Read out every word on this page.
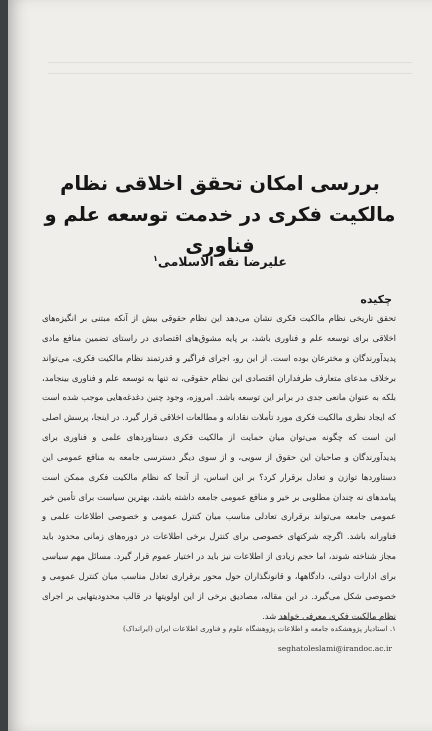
بررسی امکان تحقق اخلاقی نظام مالکیت فکری در خدمت توسعه علم و فناوری
علیرضا نقه الاسلامی$^۱$
چکیده

تحقق تاریخی نظام مالکیت فکری نشان می‌دهد این نظام حقوقی بیش از آنکه مبتنی بر انگیزه‌های اخلاقی برای توسعه علم و فناوری باشد، بر پایه مشوق‌های اقتصادی در راستای تضمین منافع مادی پدیدآورندگان و مخترعان بوده است. از این رو، اجرای فراگیر و قدرتمند نظام مالکیت فکری، می‌تواند برخلاف مدعای متعارف طرفداران اقتصادی این نظام حقوقی، نه تنها به توسعه علم و فناوری بینجامد، بلکه به عنوان مانعی جدی در برابر این توسعه باشد. امروزه، وجود چنین دغدغه‌هایی موجب شده است که ایجاد نظری مالکیت فکری مورد تأملات نقادانه و مطالعات اخلاقی قرار گیرد. در اینجا، پرسش اصلی این است که چگونه می‌توان میان حمایت از مالکیت فکری دستاوردهای علمی و فناوری برای پدیدآورندگان و صاحبان این حقوق از سویی، و از سوی دیگر دسترسی جامعه به منافع عمومی این دستاوردها توازن و تعادل برقرار کرد؟ بر این اساس، از آنجا که نظام مالکیت فکری ممکن است پیامدهای نه چندان مطلوبی بر خیر و منافع عمومی جامعه داشته باشد، بهترین سیاست برای تأمین خیر عمومی جامعه می‌تواند برقراری تعادلی مناسب میان کنترل عمومی و خصوصی اطلاعات علمی و فناورانه باشد. اگرچه شرکتهای خصوصی برای کنترل برخی اطلاعات در دوره‌های زمانی محدود باید مجاز شناخته شوند، اما حجم زیادی از اطلاعات نیز باید در اختیار عموم قرار گیرد. مسائل مهم سیاسی برای ادارات دولتی، دادگاهها، و قانونگذاران حول محور برقراری تعادل مناسب میان کنترل عمومی و خصوصی شکل می‌گیرد. در این مقاله، مصادیق برخی از این اولویتها در قالب محدودیتهایی بر اجرای نظام مالکیت فکری معرفی خواهد شد.

۱. استادیار پژوهشکده جامعه و اطلاعات پژوهشگاه علوم و فناوری اطلاعات ایران (ایرانداک)
seghatoleslami@irandoc.ac.ir
